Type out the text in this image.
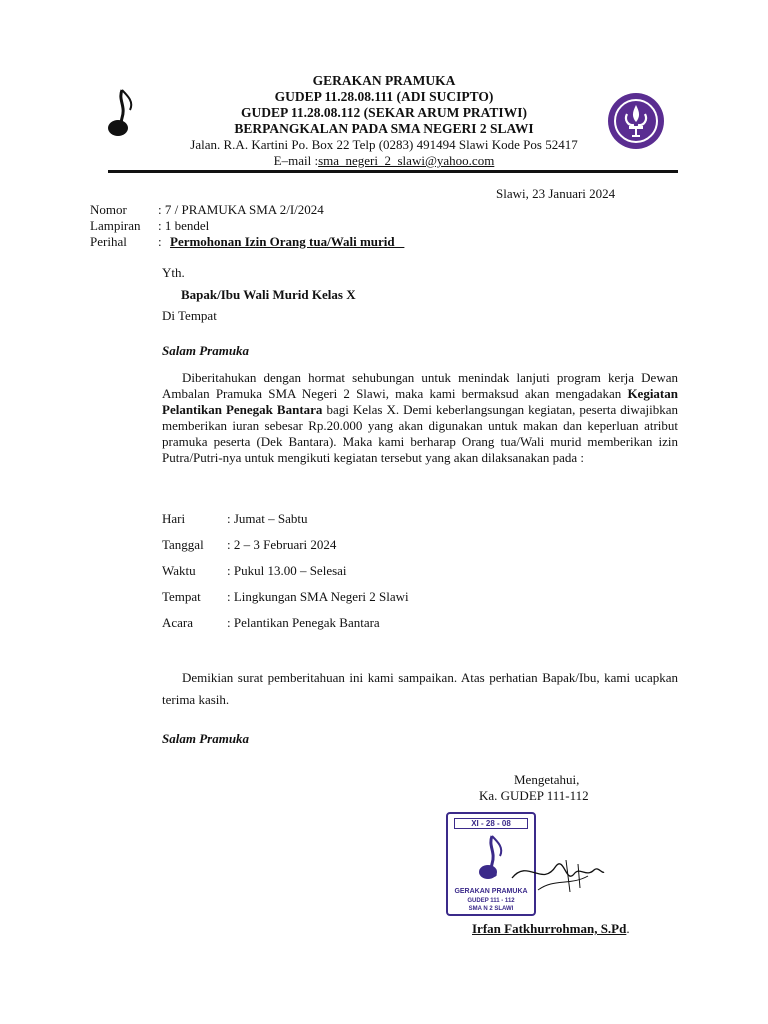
GERAKAN PRAMUKA
GUDEP 11.28.08.111 (ADI SUCIPTO)
GUDEP 11.28.08.112 (SEKAR ARUM PRATIWI)
BERPANGKALAN PADA SMA NEGERI 2 SLAWI
Jalan. R.A. Kartini Po. Box 22 Telp (0283) 491494 Slawi Kode Pos 52417
E–mail :sma_negeri_2_slawi@yahoo.com
Slawi, 23 Januari 2024
Nomor : 7 / PRAMUKA SMA 2/I/2024
Lampiran : 1 bendel
Perihal : Permohonan Izin Orang tua/Wali murid
Yth.
Bapak/Ibu Wali Murid Kelas X
Di Tempat
Salam Pramuka
Diberitahukan dengan hormat sehubungan untuk menindak lanjuti program kerja Dewan Ambalan Pramuka SMA Negeri 2 Slawi, maka kami bermaksud akan mengadakan Kegiatan Pelantikan Penegak Bantara bagi Kelas X. Demi keberlangsungan kegiatan, peserta diwajibkan memberikan iuran sebesar Rp.20.000 yang akan digunakan untuk makan dan keperluan atribut pramuka peserta (Dek Bantara). Maka kami berharap Orang tua/Wali murid memberikan izin Putra/Putri-nya untuk mengikuti kegiatan tersebut yang akan dilaksanakan pada :
Hari	: Jumat – Sabtu
Tanggal : 2 – 3 Februari 2024
Waktu : Pukul 13.00 – Selesai
Tempat : Lingkungan SMA Negeri 2 Slawi
Acara	: Pelantikan Penegak Bantara
Demikian surat pemberitahuan ini kami sampaikan. Atas perhatian Bapak/Ibu, kami ucapkan terima kasih.
Salam Pramuka
Mengetahui,
Ka. GUDEP 111-112
XI - 28 - 08
GERAKAN PRAMUKA
GUDEP 111 - 112
SMA N 2 SLAWI
Irfan Fatkhurrohman, S.Pd.
